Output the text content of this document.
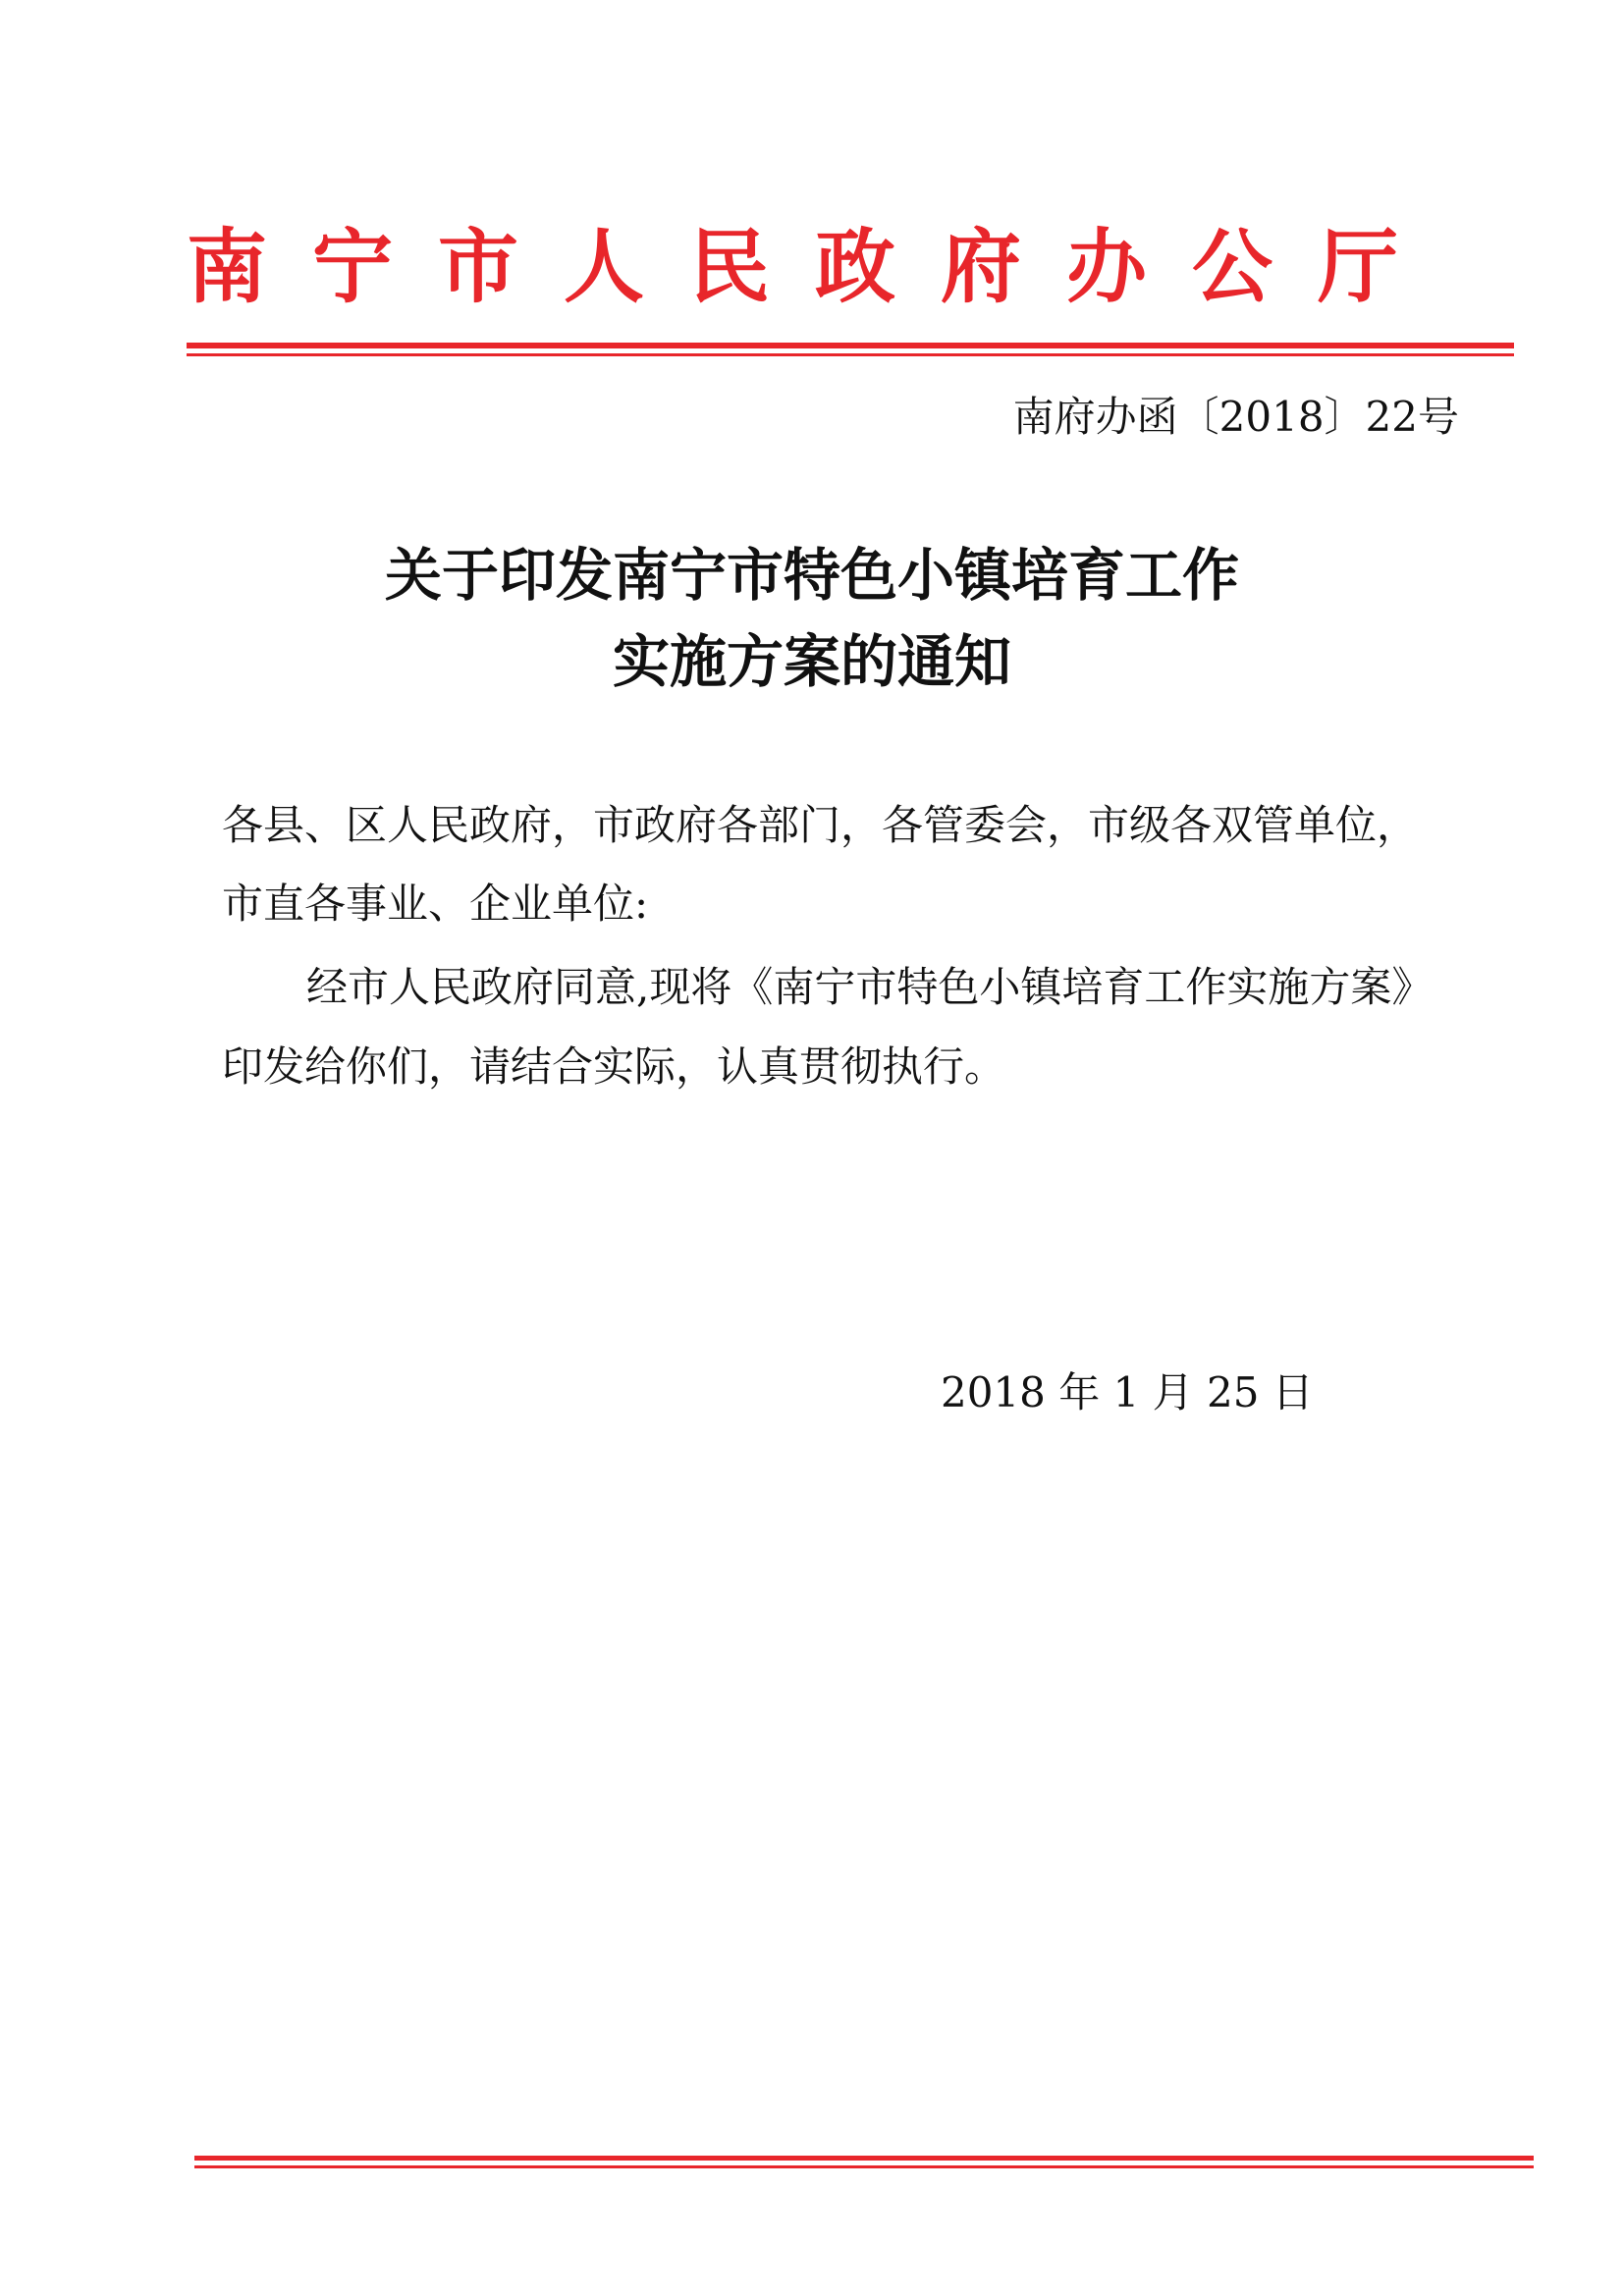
南宁市人民政府办公厅
南府办函〔2018〕22号
关于印发南宁市特色小镇培育工作
实施方案的通知
各县、区人民政府，市政府各部门，各管委会，市级各双管单位，
市直各事业、企业单位:
经市人民政府同意,现将《南宁市特色小镇培育工作实施方案》
印发给你们，请结合实际，认真贯彻执行。
2018 年 1 月 25 日
